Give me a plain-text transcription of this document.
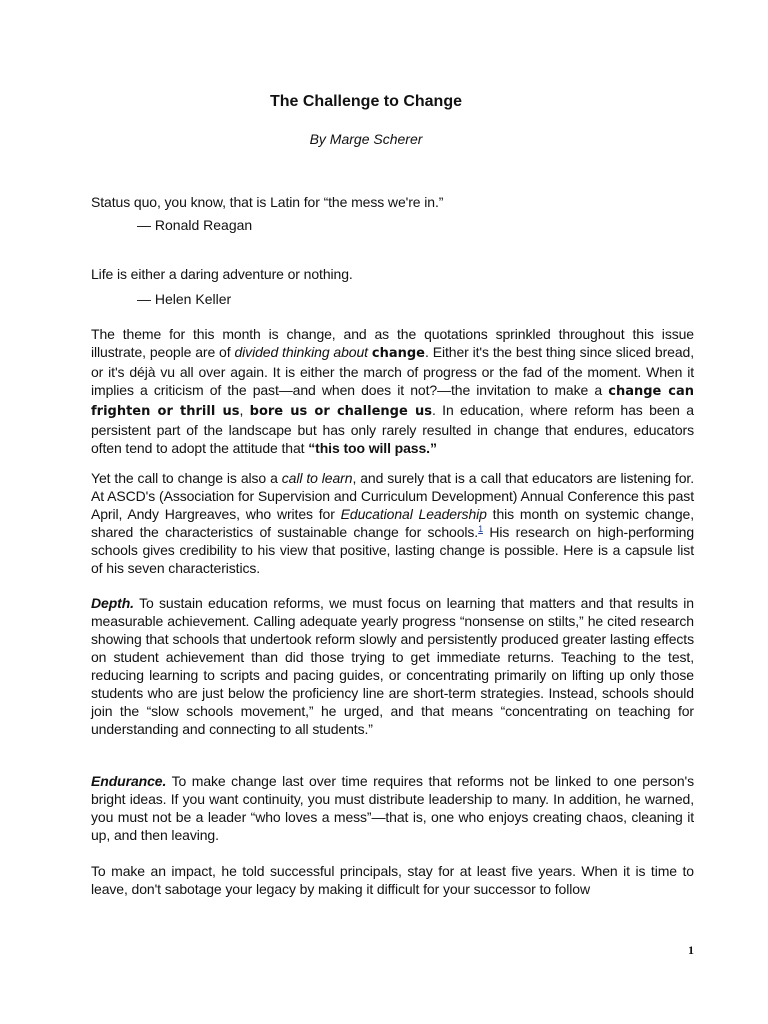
The Challenge to Change
By Marge Scherer
Status quo, you know, that is Latin for “the mess we're in.”
— Ronald Reagan
Life is either a daring adventure or nothing.
— Helen Keller
The theme for this month is change, and as the quotations sprinkled throughout this issue illustrate, people are of divided thinking about change. Either it's the best thing since sliced bread, or it's déjà vu all over again. It is either the march of progress or the fad of the moment. When it implies a criticism of the past—and when does it not?—the invitation to make a change can frighten or thrill us, bore us or challenge us. In education, where reform has been a persistent part of the landscape but has only rarely resulted in change that endures, educators often tend to adopt the attitude that “this too will pass.”
Yet the call to change is also a call to learn, and surely that is a call that educators are listening for. At ASCD's (Association for Supervision and Curriculum Development) Annual Conference this past April, Andy Hargreaves, who writes for Educational Leadership this month on systemic change, shared the characteristics of sustainable change for schools.$^1$ His research on high-performing schools gives credibility to his view that positive, lasting change is possible. Here is a capsule list of his seven characteristics.
Depth. To sustain education reforms, we must focus on learning that matters and that results in measurable achievement. Calling adequate yearly progress “nonsense on stilts,” he cited research showing that schools that undertook reform slowly and persistently produced greater lasting effects on student achievement than did those trying to get immediate returns. Teaching to the test, reducing learning to scripts and pacing guides, or concentrating primarily on lifting up only those students who are just below the proficiency line are short-term strategies. Instead, schools should join the “slow schools movement,” he urged, and that means “concentrating on teaching for understanding and connecting to all students.”
Endurance. To make change last over time requires that reforms not be linked to one person's bright ideas. If you want continuity, you must distribute leadership to many. In addition, he warned, you must not be a leader “who loves a mess”—that is, one who enjoys creating chaos, cleaning it up, and then leaving.
To make an impact, he told successful principals, stay for at least five years. When it is time to leave, don't sabotage your legacy by making it difficult for your successor to follow
1
